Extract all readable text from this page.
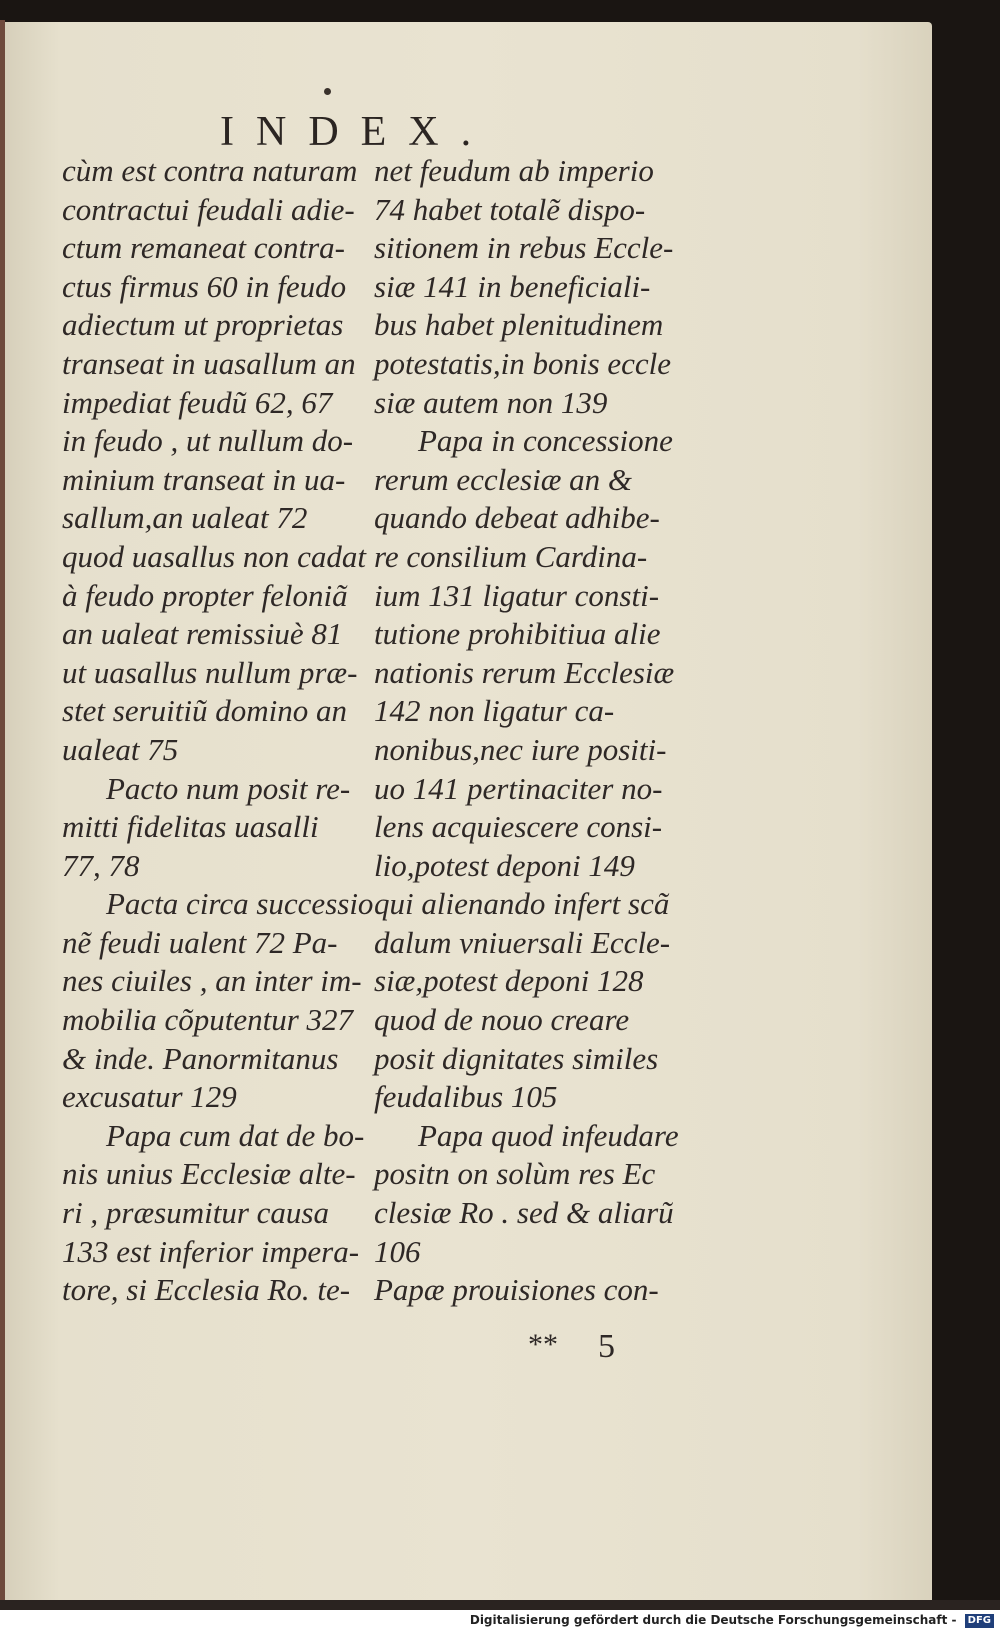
INDEX.
cùm est contra naturam
contractui feudali adie-
ctum remaneat contra-
ctus firmus 60 in feudo
adiectum ut proprietas
transeat in uasallum an
impediat feudũ 62, 67
in feudo , ut nullum do-
minium transeat in ua-
sallum,an ualeat 72
quod uasallus non cadat
à feudo propter feloniã
an ualeat remissiuè 81
ut uasallus nullum præ-
stet seruitiũ domino an
ualeat 75
Pacto num posit re-
mitti fidelitas uasalli
77, 78
Pacta circa successio
nẽ feudi ualent 72 Pa-
nes ciuiles , an inter im-
mobilia cõputentur 327
& inde. Panormitanus
excusatur 129
Papa cum dat de bo-
nis unius Ecclesiæ alte-
ri , præsumitur causa
133 est inferior impera-
tore, si Ecclesia Ro. te-
net feudum ab imperio
74 habet totalẽ dispo-
sitionem in rebus Eccle-
siæ 141 in beneficiali-
bus habet plenitudinem
potestatis,in bonis eccle
siæ autem non 139
Papa in concessione
rerum ecclesiæ an &
quando debeat adhibe-
re consilium Cardina-
ium 131 ligatur consti-
tutione prohibitiua alie
nationis rerum Ecclesiæ
142 non ligatur ca-
nonibus,nec iure positi-
uo 141 pertinaciter no-
lens acquiescere consi-
lio,potest deponi 149
qui alienando infert scã
dalum vniuersali Eccle-
siæ,potest deponi 128
quod de nouo creare
posit dignitates similes
feudalibus 105
Papa quod infeudare
positn on solùm res Ec
clesiæ Ro . sed & aliarũ
106
Papæ prouisiones con-
** 5
Digitalisierung gefördert durch die Deutsche Forschungsgemeinschaft - DFG
